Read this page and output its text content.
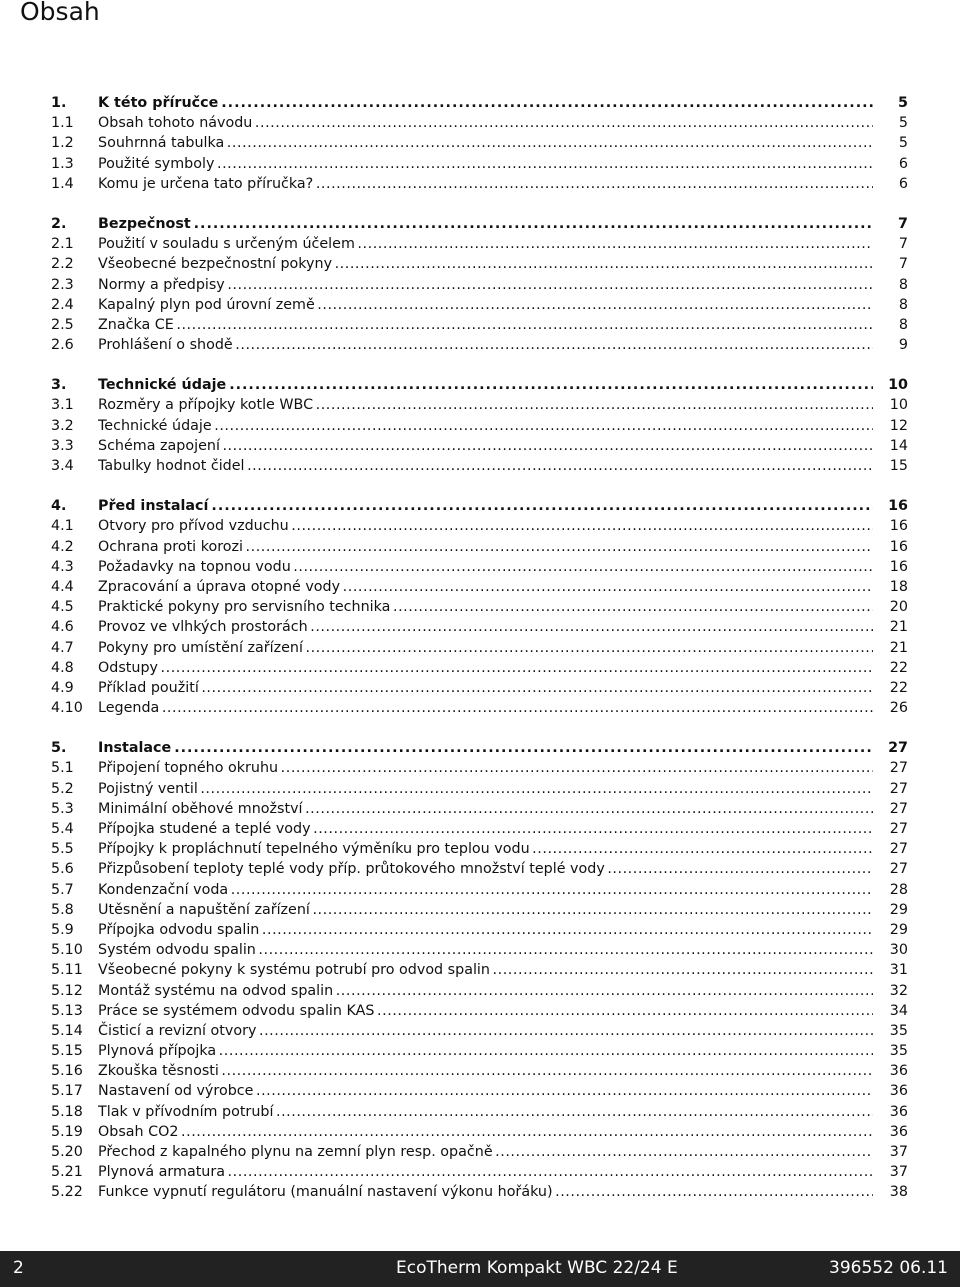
Obsah
1.	K této příručce . . .	5
1.1	Obsah tohoto návodu . . .	5
1.2	Souhrnná tabulka . . .	5
1.3	Použité symboly . . .	6
1.4	Komu je určena tato příručka? . . .	6
2.	Bezpečnost . . .	7
2.1	Použití v souladu s určeným účelem . . .	7
2.2	Všeobecné bezpečnostní pokyny . . .	7
2.3	Normy a předpisy . . .	8
2.4	Kapalný plyn pod úrovní země . . .	8
2.5	Značka CE . . .	8
2.6	Prohlášení o shodě . . .	9
3.	Technické údaje . . .	10
3.1	Rozměry a přípojky kotle WBC . . .	10
3.2	Technické údaje . . .	12
3.3	Schéma zapojení . . .	14
3.4	Tabulky hodnot čidel . . .	15
4.	Před instalací . . .	16
4.1	Otvory pro přívod vzduchu . . .	16
4.2	Ochrana proti korozi . . .	16
4.3	Požadavky na topnou vodu . . .	16
4.4	Zpracování a úprava otopné vody . . .	18
4.5	Praktické pokyny pro servisního technika . . .	20
4.6	Provoz ve vlhkých prostorách . . .	21
4.7	Pokyny pro umístění zařízení . . .	21
4.8	Odstupy . . .	22
4.9	Příklad použití . . .	22
4.10	Legenda . . .	26
5.	Instalace . . .	27
5.1	Připojení topného okruhu . . .	27
5.2	Pojistný ventil . . .	27
5.3	Minimální oběhové množství . . .	27
5.4	Přípojka studené a teplé vody . . .	27
5.5	Přípojky k propláchnutí tepelného výměníku pro teplou vodu . . .	27
5.6	Přizpůsobení teploty teplé vody příp. průtokového množství teplé vody . . .	27
5.7	Kondenzační voda . . .	28
5.8	Utěsnění a napuštění zařízení . . .	29
5.9	Přípojka odvodu spalin . . .	29
5.10	Systém odvodu spalin . . .	30
5.11	Všeobecné pokyny k systému potrubí pro odvod spalin . . .	31
5.12	Montáž systému na odvod spalin . . .	32
5.13	Práce se systémem odvodu spalin KAS . . .	34
5.14	Čisticí a revizní otvory . . .	35
5.15	Plynová přípojka . . .	35
5.16	Zkouška těsnosti . . .	36
5.17	Nastavení od výrobce . . .	36
5.18	Tlak v přívodním potrubí . . .	36
5.19	Obsah CO2 . . .	36
5.20	Přechod z kapalného plynu na zemní plyn resp. opačně . . .	37
5.21	Plynová armatura . . .	37
5.22	Funkce vypnutí regulátoru (manuální nastavení výkonu hořáku) . . .	38
2	EcoTherm Kompakt WBC 22/24 E	396552 06.11
